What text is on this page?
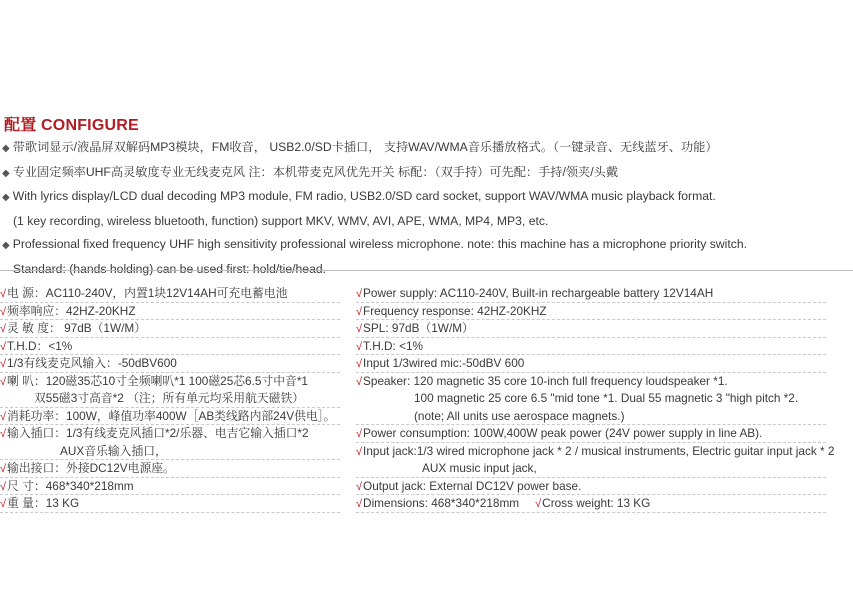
配置 CONFIGURE
◆ 带歌词显示/液晶屏双解码MP3模块，FM收音， USB2.0/SD卡插口， 支持WAV/WMA音乐播放格式。（一键录音、无线蓝牙、功能）
◆ 专业固定频率UHF高灵敏度专业无线麦克风 注：本机带麦克风优先开关 标配：（双手持）可先配：手持/领夹/头戴
◆ With lyrics display/LCD dual decoding MP3 module, FM radio, USB2.0/SD card socket, support WAV/WMA music playback format.
(1 key recording, wireless bluetooth, function) support MKV, WMV, AVI, APE, WMA, MP4, MP3, etc.
◆ Professional fixed frequency UHF high sensitivity professional wireless microphone. note: this machine has a microphone priority switch.
Standard: (hands holding) can be used first: hold/tie/head.
√电 源：AC110-240V，内置1块12V14AH可充电蓄电池
√频率响应：42HZ-20KHZ
√灵 敏 度： 97dB（1W/M）
√T.H.D：<1%
√1/3有线麦克风输入：-50dBV600
√喇 叭：120磁35芯10寸全频喇叭*1 100磁25芯6.5寸中音*1
双55磁3寸高音*2 （注；所有单元均采用航天磁铁）
√消耗功率：100W，峰值功率400W［AB类线路内部24V供电］。
√输入插口：1/3有线麦克风插口*2/乐器、电吉它输入插口*2
AUX音乐输入插口，
√输出接口：外接DC12V电源座。
√尺 寸：468*340*218mm
√重 量：13 KG
√Power supply: AC110-240V, Built-in rechargeable battery 12V14AH
√Frequency response: 42HZ-20KHZ
√SPL: 97dB（1W/M）
√T.H.D: <1%
√Input 1/3wired mic:-50dBV 600
√Speaker: 120 magnetic 35 core 10-inch full frequency loudspeaker *1.
100 magnetic 25 core 6.5 "mid tone *1. Dual 55 magnetic 3 "high pitch *2.
(note; All units use aerospace magnets.)
√Power consumption: 100W,400W peak power (24V power supply in line AB).
√Input jack:1/3 wired microphone jack * 2 / musical instruments, Electric guitar input jack * 2
AUX music input jack,
√Output jack: External DC12V power base.
√Dimensions: 468*340*218mm √Cross weight: 13 KG
